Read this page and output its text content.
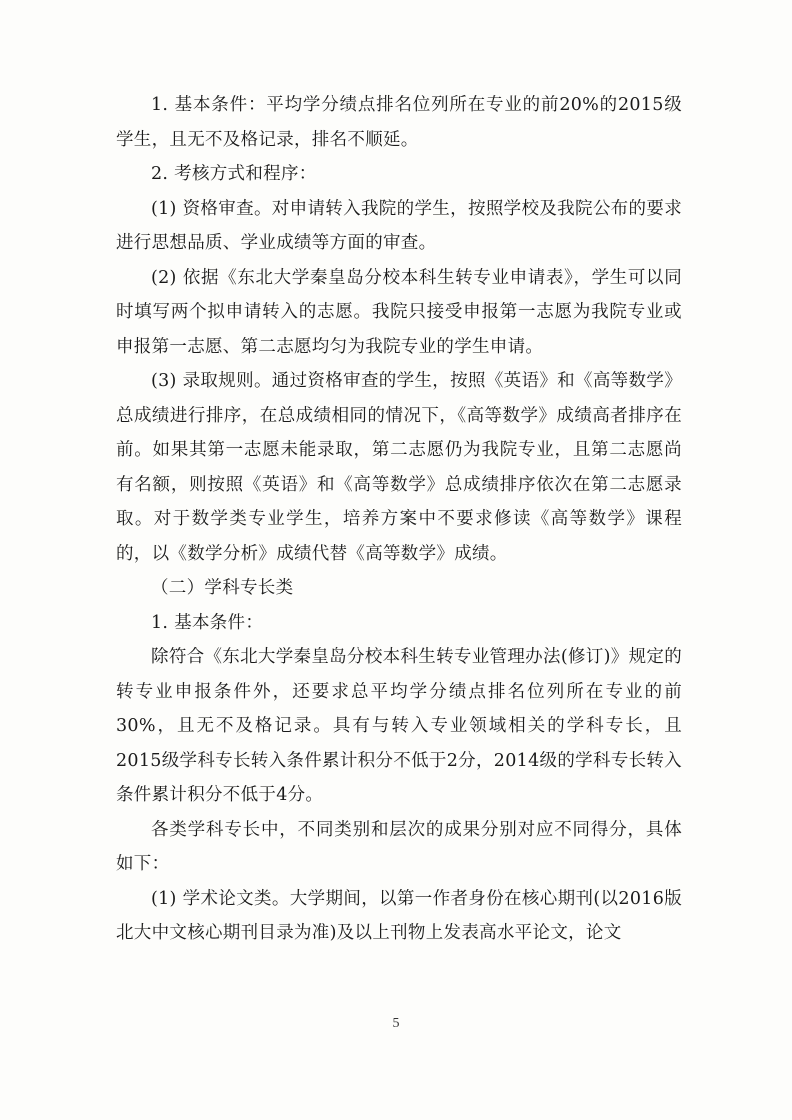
1. 基本条件：平均学分绩点排名位列所在专业的前20%的2015级学生，且无不及格记录，排名不顺延。

2. 考核方式和程序：

(1) 资格审查。对申请转入我院的学生，按照学校及我院公布的要求进行思想品质、学业成绩等方面的审查。

(2) 依据《东北大学秦皇岛分校本科生转专业申请表》，学生可以同时填写两个拟申请转入的志愿。我院只接受申报第一志愿为我院专业或申报第一志愿、第二志愿均匀为我院专业的学生申请。

(3) 录取规则。通过资格审查的学生，按照《英语》和《高等数学》总成绩进行排序，在总成绩相同的情况下，《高等数学》成绩高者排序在前。如果其第一志愿未能录取，第二志愿仍为我院专业，且第二志愿尚有名额，则按照《英语》和《高等数学》总成绩排序依次在第二志愿录取。对于数学类专业学生，培养方案中不要求修读《高等数学》课程的，以《数学分析》成绩代替《高等数学》成绩。

（二）学科专长类

1. 基本条件：

除符合《东北大学秦皇岛分校本科生转专业管理办法(修订)》规定的转专业申报条件外，还要求总平均学分绩点排名位列所在专业的前30%，且无不及格记录。具有与转入专业领域相关的学科专长，且2015级学科专长转入条件累计积分不低于2分，2014级的学科专长转入条件累计积分不低于4分。

各类学科专长中，不同类别和层次的成果分别对应不同得分，具体如下：

(1) 学术论文类。大学期间，以第一作者身份在核心期刊(以2016版北大中文核心期刊目录为准)及以上刊物上发表高水平论文，论文

5
